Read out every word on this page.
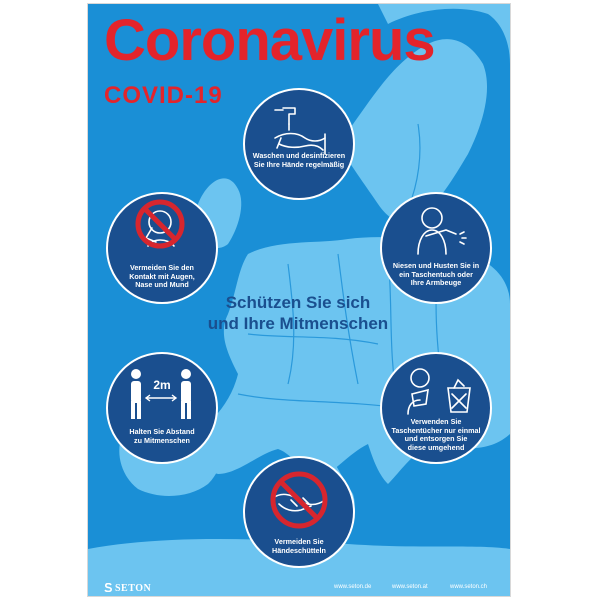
Coronavirus
COVID-19
Waschen und desinfizieren
Sie Ihre Hände regelmäßig
Vermeiden Sie den
Kontakt mit Augen,
Nase und Mund
Niesen und Husten Sie in
ein Taschentuch oder
Ihre Armbeuge
Schützen Sie sich
und Ihre Mitmenschen
2m
Halten Sie Abstand
zu Mitmenschen
Verwenden Sie
Taschentücher nur einmal
und entsorgen Sie
diese umgehend
Vermeiden Sie
Händeschütteln
SETON	www.seton.de	www.seton.at	www.seton.ch
